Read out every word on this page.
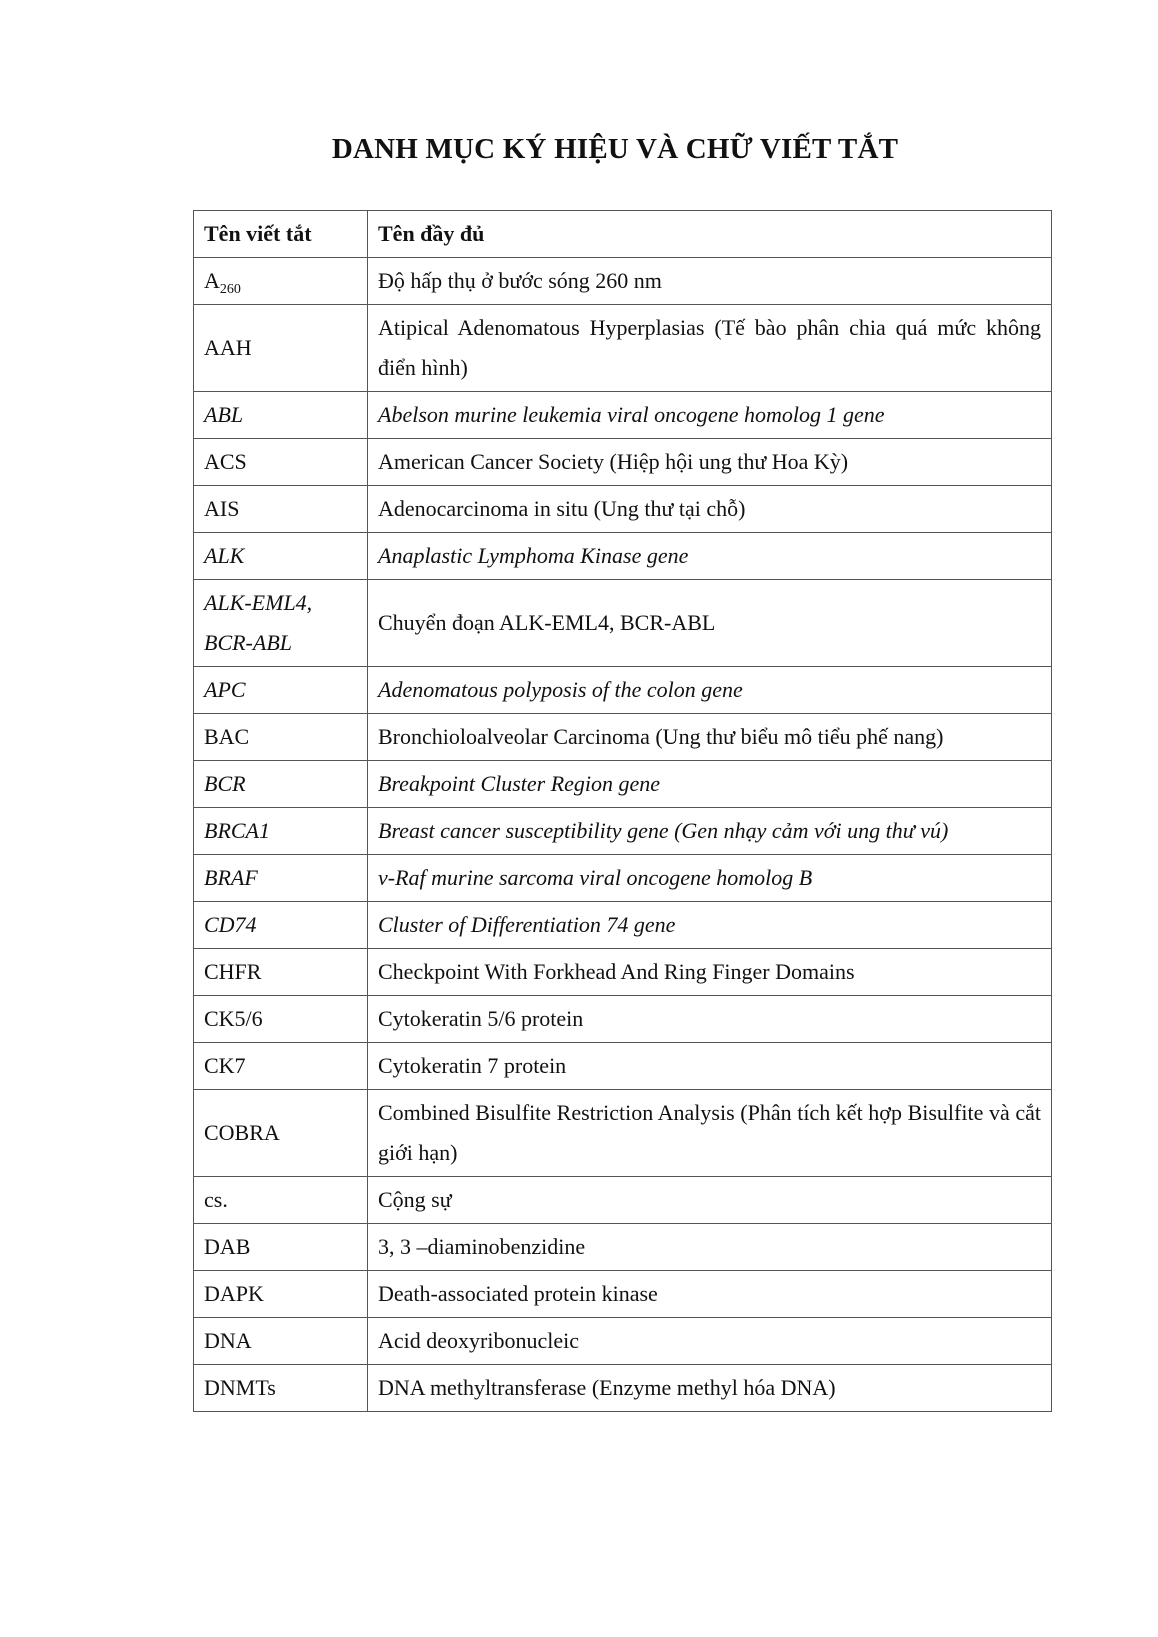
DANH MỤC KÝ HIỆU VÀ CHỮ VIẾT TẮT
Tên viết tắt	Tên đầy đủ
$A_{260}$	Độ hấp thụ ở bước sóng 260 nm
AAH	Atipical Adenomatous Hyperplasias (Tế bào phân chia quá mức không điển hình)
ABL	Abelson murine leukemia viral oncogene homolog 1 gene
ACS	American Cancer Society (Hiệp hội ung thư Hoa Kỳ)
AIS	Adenocarcinoma in situ (Ung thư tại chỗ)
ALK	Anaplastic Lymphoma Kinase gene

ALK-EML4,
BCR-ABL	Chuyển đoạn ALK-EML4, BCR-ABL
APC	Adenomatous polyposis of the colon gene
BAC	Bronchioloalveolar Carcinoma (Ung thư biểu mô tiểu phế nang)
BCR	Breakpoint Cluster Region gene
BRCA1	Breast cancer susceptibility gene (Gen nhạy cảm với ung thư vú)
BRAF	v-Raf murine sarcoma viral oncogene homolog B
CD74	Cluster of Differentiation 74 gene
CHFR	Checkpoint With Forkhead And Ring Finger Domains
CK5/6	Cytokeratin 5/6 protein
CK7	Cytokeratin 7 protein
COBRA	Combined Bisulfite Restriction Analysis (Phân tích kết hợp Bisulfite và cắt giới hạn)
cs.	Cộng sự
DAB	3, 3 –diaminobenzidine
DAPK	Death-associated protein kinase
DNA	Acid deoxyribonucleic
DNMTs	DNA methyltransferase (Enzyme methyl hóa DNA)
